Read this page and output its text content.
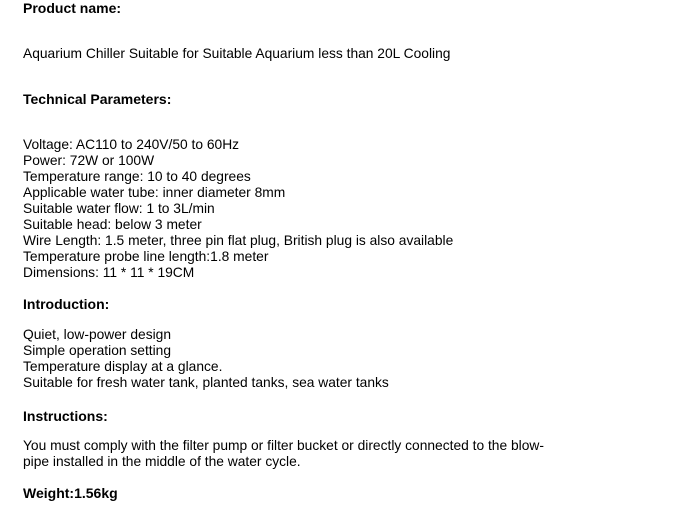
Product name:

Aquarium Chiller Suitable for Suitable Aquarium less than 20L Cooling

Technical Parameters:

Voltage: AC110 to 240V/50 to 60Hz
Power: 72W or 100W
Temperature range: 10 to 40 degrees
Applicable water tube: inner diameter 8mm
Suitable water flow: 1 to 3L/min
Suitable head: below 3 meter
Wire Length: 1.5 meter, three pin flat plug, British plug is also available
Temperature probe line length:1.8 meter
Dimensions: 11 * 11 * 19CM

Introduction:

Quiet, low-power design
Simple operation setting
Temperature display at a glance.
Suitable for fresh water tank, planted tanks, sea water tanks

Instructions:

You must comply with the filter pump or filter bucket or directly connected to the blow-
pipe installed in the middle of the water cycle.

Weight:1.56kg
